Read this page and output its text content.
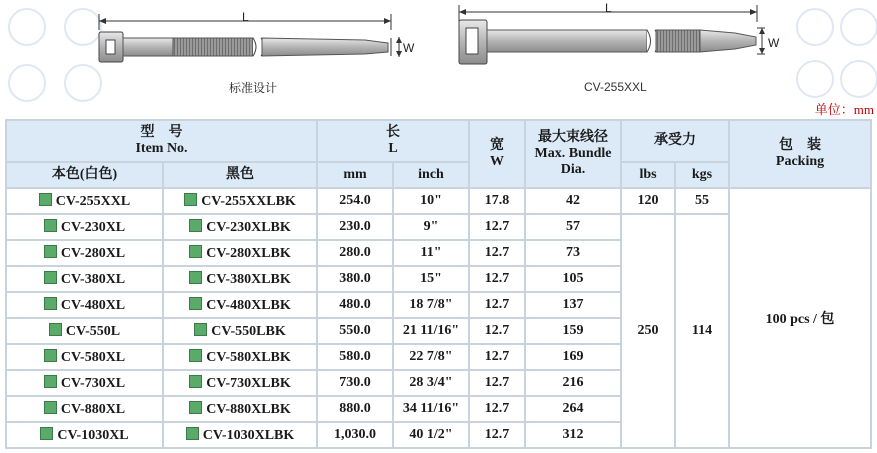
L
W
标准设计
L
W
CV-255XXL
单位：mm
型　号
Item No.		长
L		宽
W	最大束线径
Max. Bundle
Dia.	承受力		包　装
Packing

本色(白色)	黑色	mm	inch			lbs	kgs	
CV-255XXL	CV-255XXLBK	254.0	10"	17.8	42	120	55	100 pcs / 包
CV-230XL	CV-230XLBK	230.0	9"	12.7	57	250	114	
CV-280XL	CV-280XLBK	280.0	11"	12.7	73			
CV-380XL	CV-380XLBK	380.0	15"	12.7	105			
CV-480XL	CV-480XLBK	480.0	18 7/8"	12.7	137			
CV-550L	CV-550LBK	550.0	21 11/16"	12.7	159			
CV-580XL	CV-580XLBK	580.0	22 7/8"	12.7	169			
CV-730XL	CV-730XLBK	730.0	28 3/4"	12.7	216			
CV-880XL	CV-880XLBK	880.0	34 11/16"	12.7	264			
CV-1030XL	CV-1030XLBK	1,030.0	40 1/2"	12.7	312			
